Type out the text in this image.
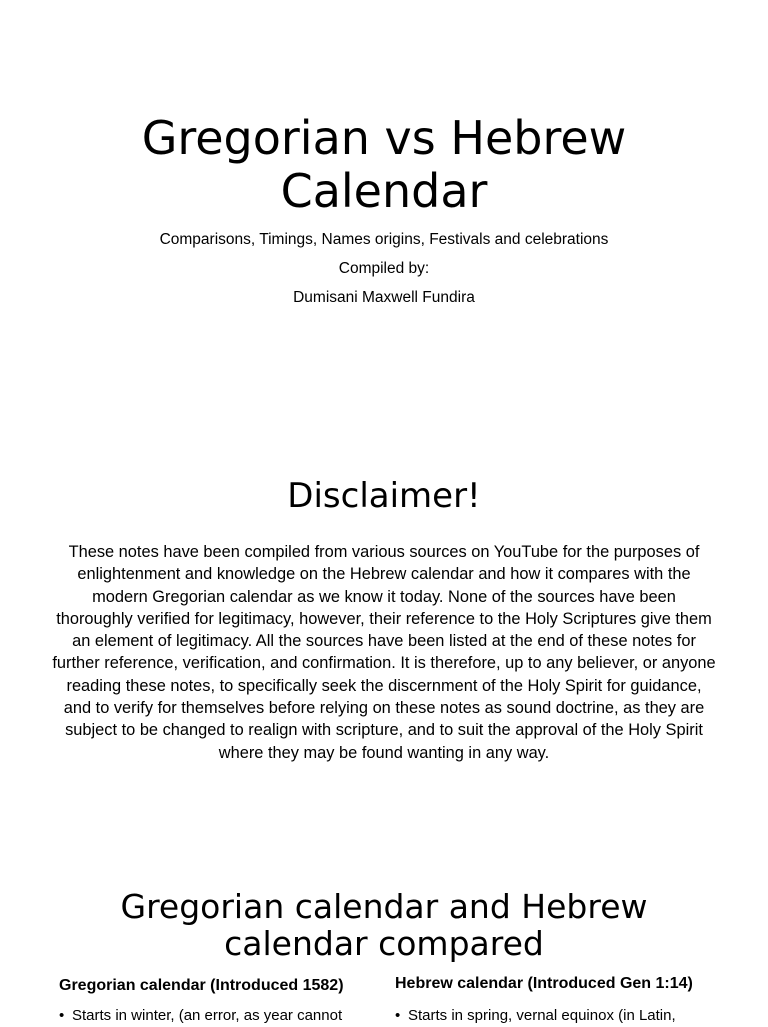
Gregorian vs Hebrew Calendar

Comparisons, Timings, Names origins, Festivals and celebrations

Compiled by:

Dumisani Maxwell Fundira

Disclaimer!

These notes have been compiled from various sources on YouTube for the purposes of enlightenment and knowledge on the Hebrew calendar and how it compares with the modern Gregorian calendar as we know it today. None of the sources have been thoroughly verified for legitimacy, however, their reference to the Holy Scriptures give them an element of legitimacy. All the sources have been listed at the end of these notes for further reference, verification, and confirmation. It is therefore, up to any believer, or anyone reading these notes, to specifically seek the discernment of the Holy Spirit for guidance, and to verify for themselves before relying on these notes as sound doctrine, as they are subject to be changed to realign with scripture, and to suit the approval of the Holy Spirit where they may be found wanting in any way.

Gregorian calendar and Hebrew calendar compared
Gregorian calendar (Introduced 1582)
• Starts in winter, (an error, as year cannot
Hebrew calendar (Introduced Gen 1:14)
• Starts in spring, vernal equinox (in Latin,
